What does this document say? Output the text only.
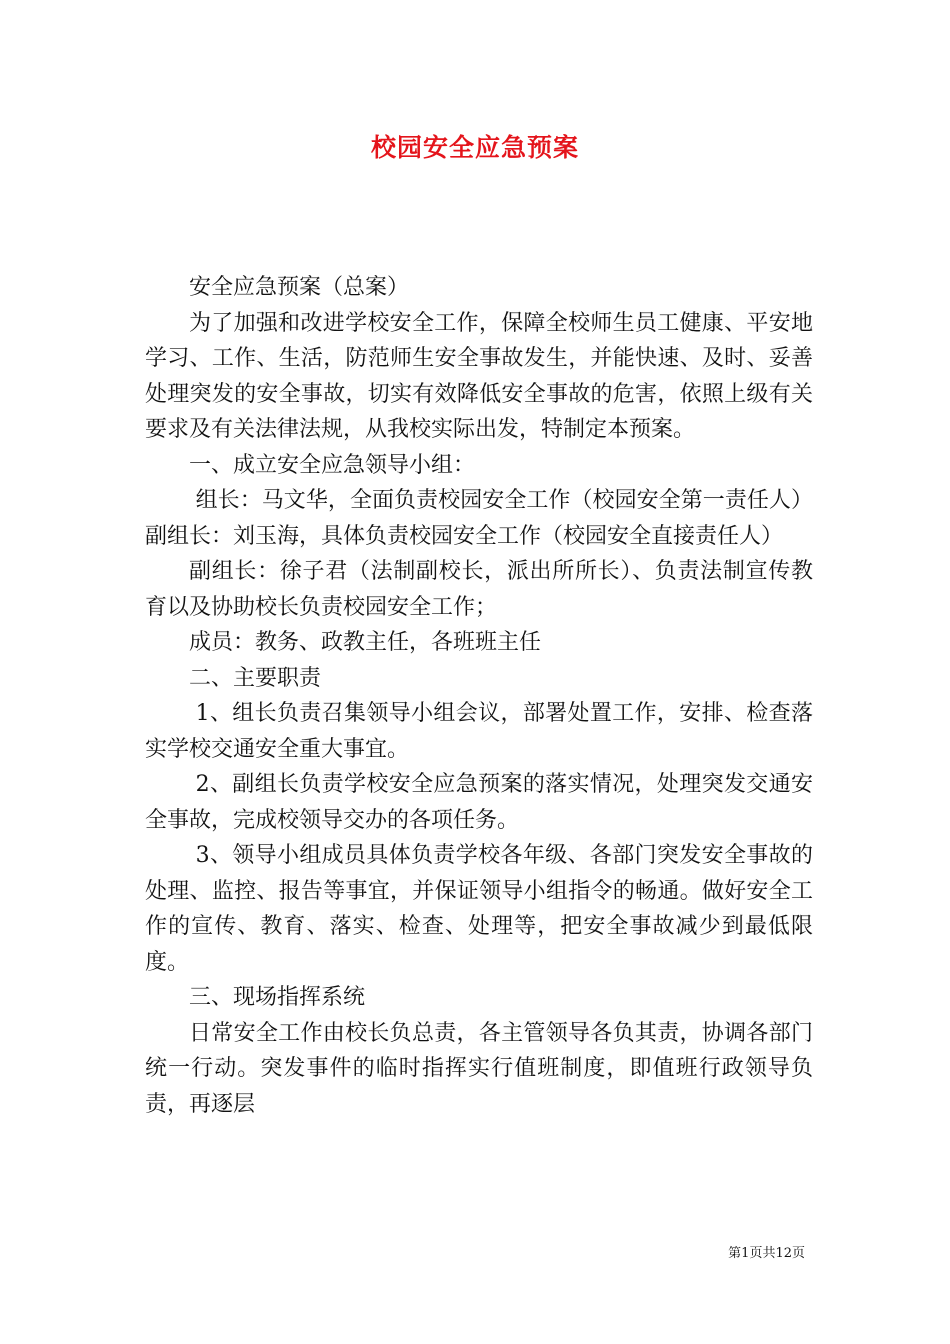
校园安全应急预案

安全应急预案（总案）

为了加强和改进学校安全工作，保障全校师生员工健康、平安地学习、工作、生活，防范师生安全事故发生，并能快速、及时、妥善处理突发的安全事故，切实有效降低安全事故的危害，依照上级有关要求及有关法律法规，从我校实际出发，特制定本预案。

一、成立安全应急领导小组：

组长：马文华，全面负责校园安全工作（校园安全第一责任人）副组长：刘玉海，具体负责校园安全工作（校园安全直接责任人）

副组长：徐子君（法制副校长，派出所所长）、负责法制宣传教育以及协助校长负责校园安全工作；

成员：教务、政教主任，各班班主任

二、主要职责

1、组长负责召集领导小组会议，部署处置工作，安排、检查落实学校交通安全重大事宜。

2、副组长负责学校安全应急预案的落实情况，处理突发交通安全事故，完成校领导交办的各项任务。

3、领导小组成员具体负责学校各年级、各部门突发安全事故的处理、监控、报告等事宜，并保证领导小组指令的畅通。做好安全工作的宣传、教育、落实、检查、处理等，把安全事故减少到最低限度。

三、现场指挥系统

日常安全工作由校长负总责，各主管领导各负其责，协调各部门统一行动。突发事件的临时指挥实行值班制度，即值班行政领导负责，再逐层

第1页共12页
